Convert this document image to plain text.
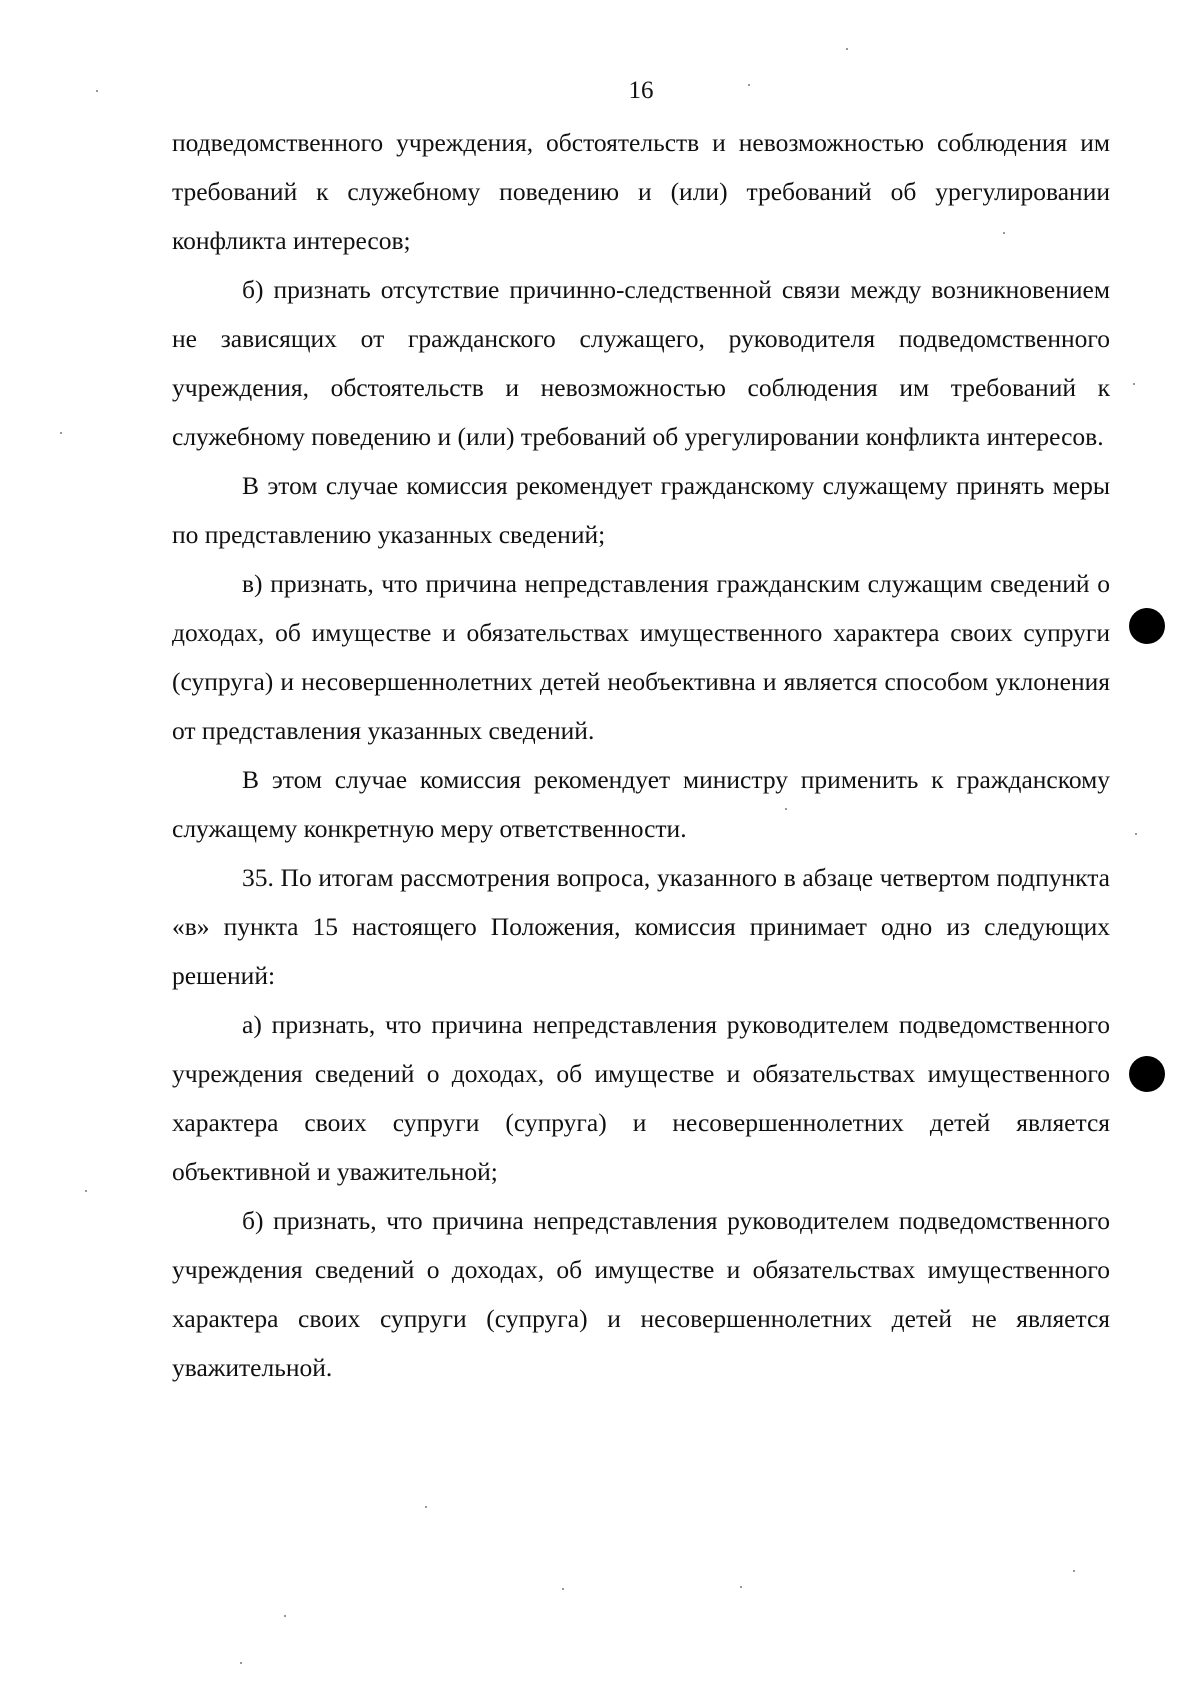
16

подведомственного учреждения, обстоятельств и невозможностью соблюдения им требований к служебному поведению и (или) требований об урегулировании конфликта интересов;

б) признать отсутствие причинно-следственной связи между возникновением не зависящих от гражданского служащего, руководителя подведомственного учреждения, обстоятельств и невозможностью соблюдения им требований к служебному поведению и (или) требований об урегулировании конфликта интересов.

В этом случае комиссия рекомендует гражданскому служащему принять меры по представлению указанных сведений;

в) признать, что причина непредставления гражданским служащим сведений о доходах, об имуществе и обязательствах имущественного характера своих супруги (супруга) и несовершеннолетних детей необъективна и является способом уклонения от представления указанных сведений.

В этом случае комиссия рекомендует министру применить к гражданскому служащему конкретную меру ответственности.

35. По итогам рассмотрения вопроса, указанного в абзаце четвертом подпункта «в» пункта 15 настоящего Положения, комиссия принимает одно из следующих решений:

а) признать, что причина непредставления руководителем подведомственного учреждения сведений о доходах, об имуществе и обязательствах имущественного характера своих супруги (супруга) и несовершеннолетних детей является объективной и уважительной;

б) признать, что причина непредставления руководителем подведомственного учреждения сведений о доходах, об имуществе и обязательствах имущественного характера своих супруги (супруга) и несовершеннолетних детей не является уважительной.
